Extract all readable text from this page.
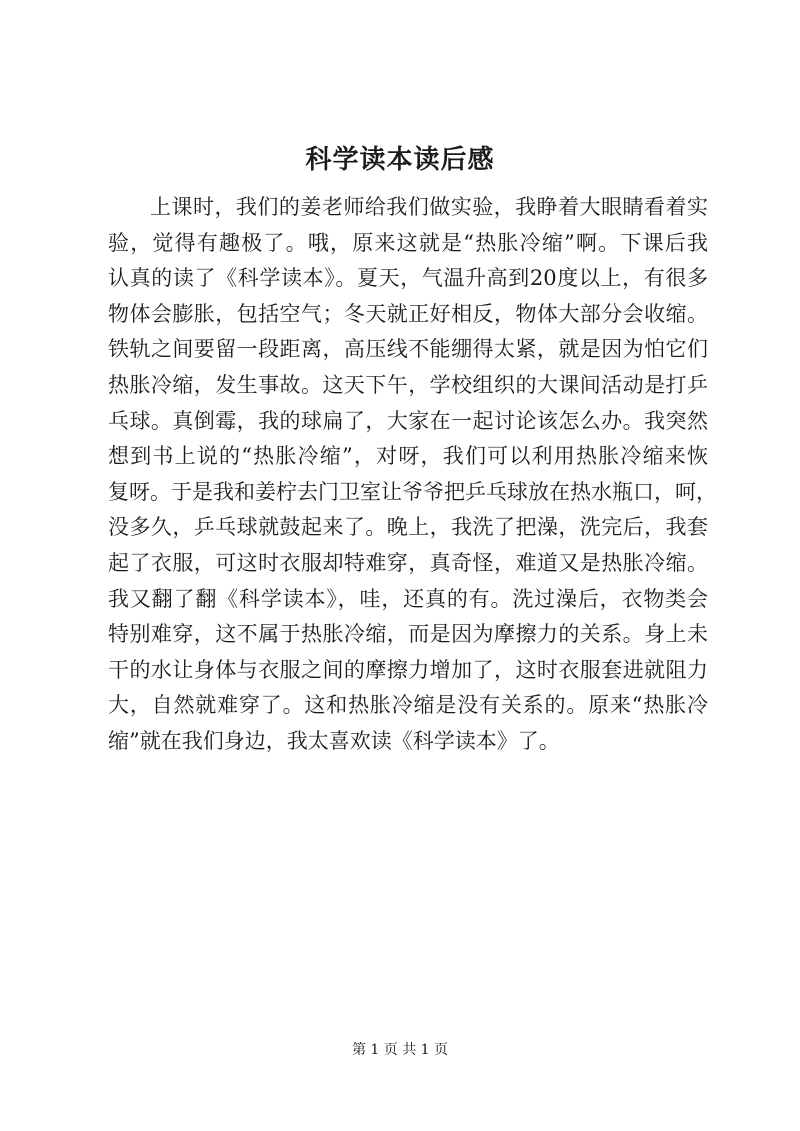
科学读本读后感
上课时，我们的姜老师给我们做实验，我睁着大眼睛看着实
验，觉得有趣极了。哦，原来这就是“热胀冷缩”啊。下课后我
认真的读了《科学读本》。夏天，气温升高到20度以上，有很多
物体会膨胀，包括空气；冬天就正好相反，物体大部分会收缩。
铁轨之间要留一段距离，高压线不能绷得太紧，就是因为怕它们
热胀冷缩，发生事故。这天下午，学校组织的大课间活动是打乒
乓球。真倒霉，我的球扁了，大家在一起讨论该怎么办。我突然
想到书上说的“热胀冷缩”，对呀，我们可以利用热胀冷缩来恢
复呀。于是我和姜柠去门卫室让爷爷把乒乓球放在热水瓶口，呵，
没多久，乒乓球就鼓起来了。晚上，我洗了把澡，洗完后，我套
起了衣服，可这时衣服却特难穿，真奇怪，难道又是热胀冷缩。
我又翻了翻《科学读本》，哇，还真的有。洗过澡后，衣物类会
特别难穿，这不属于热胀冷缩，而是因为摩擦力的关系。身上未
干的水让身体与衣服之间的摩擦力增加了，这时衣服套进就阻力
大，自然就难穿了。这和热胀冷缩是没有关系的。原来“热胀冷
缩”就在我们身边，我太喜欢读《科学读本》了。
第 1 页 共 1 页
